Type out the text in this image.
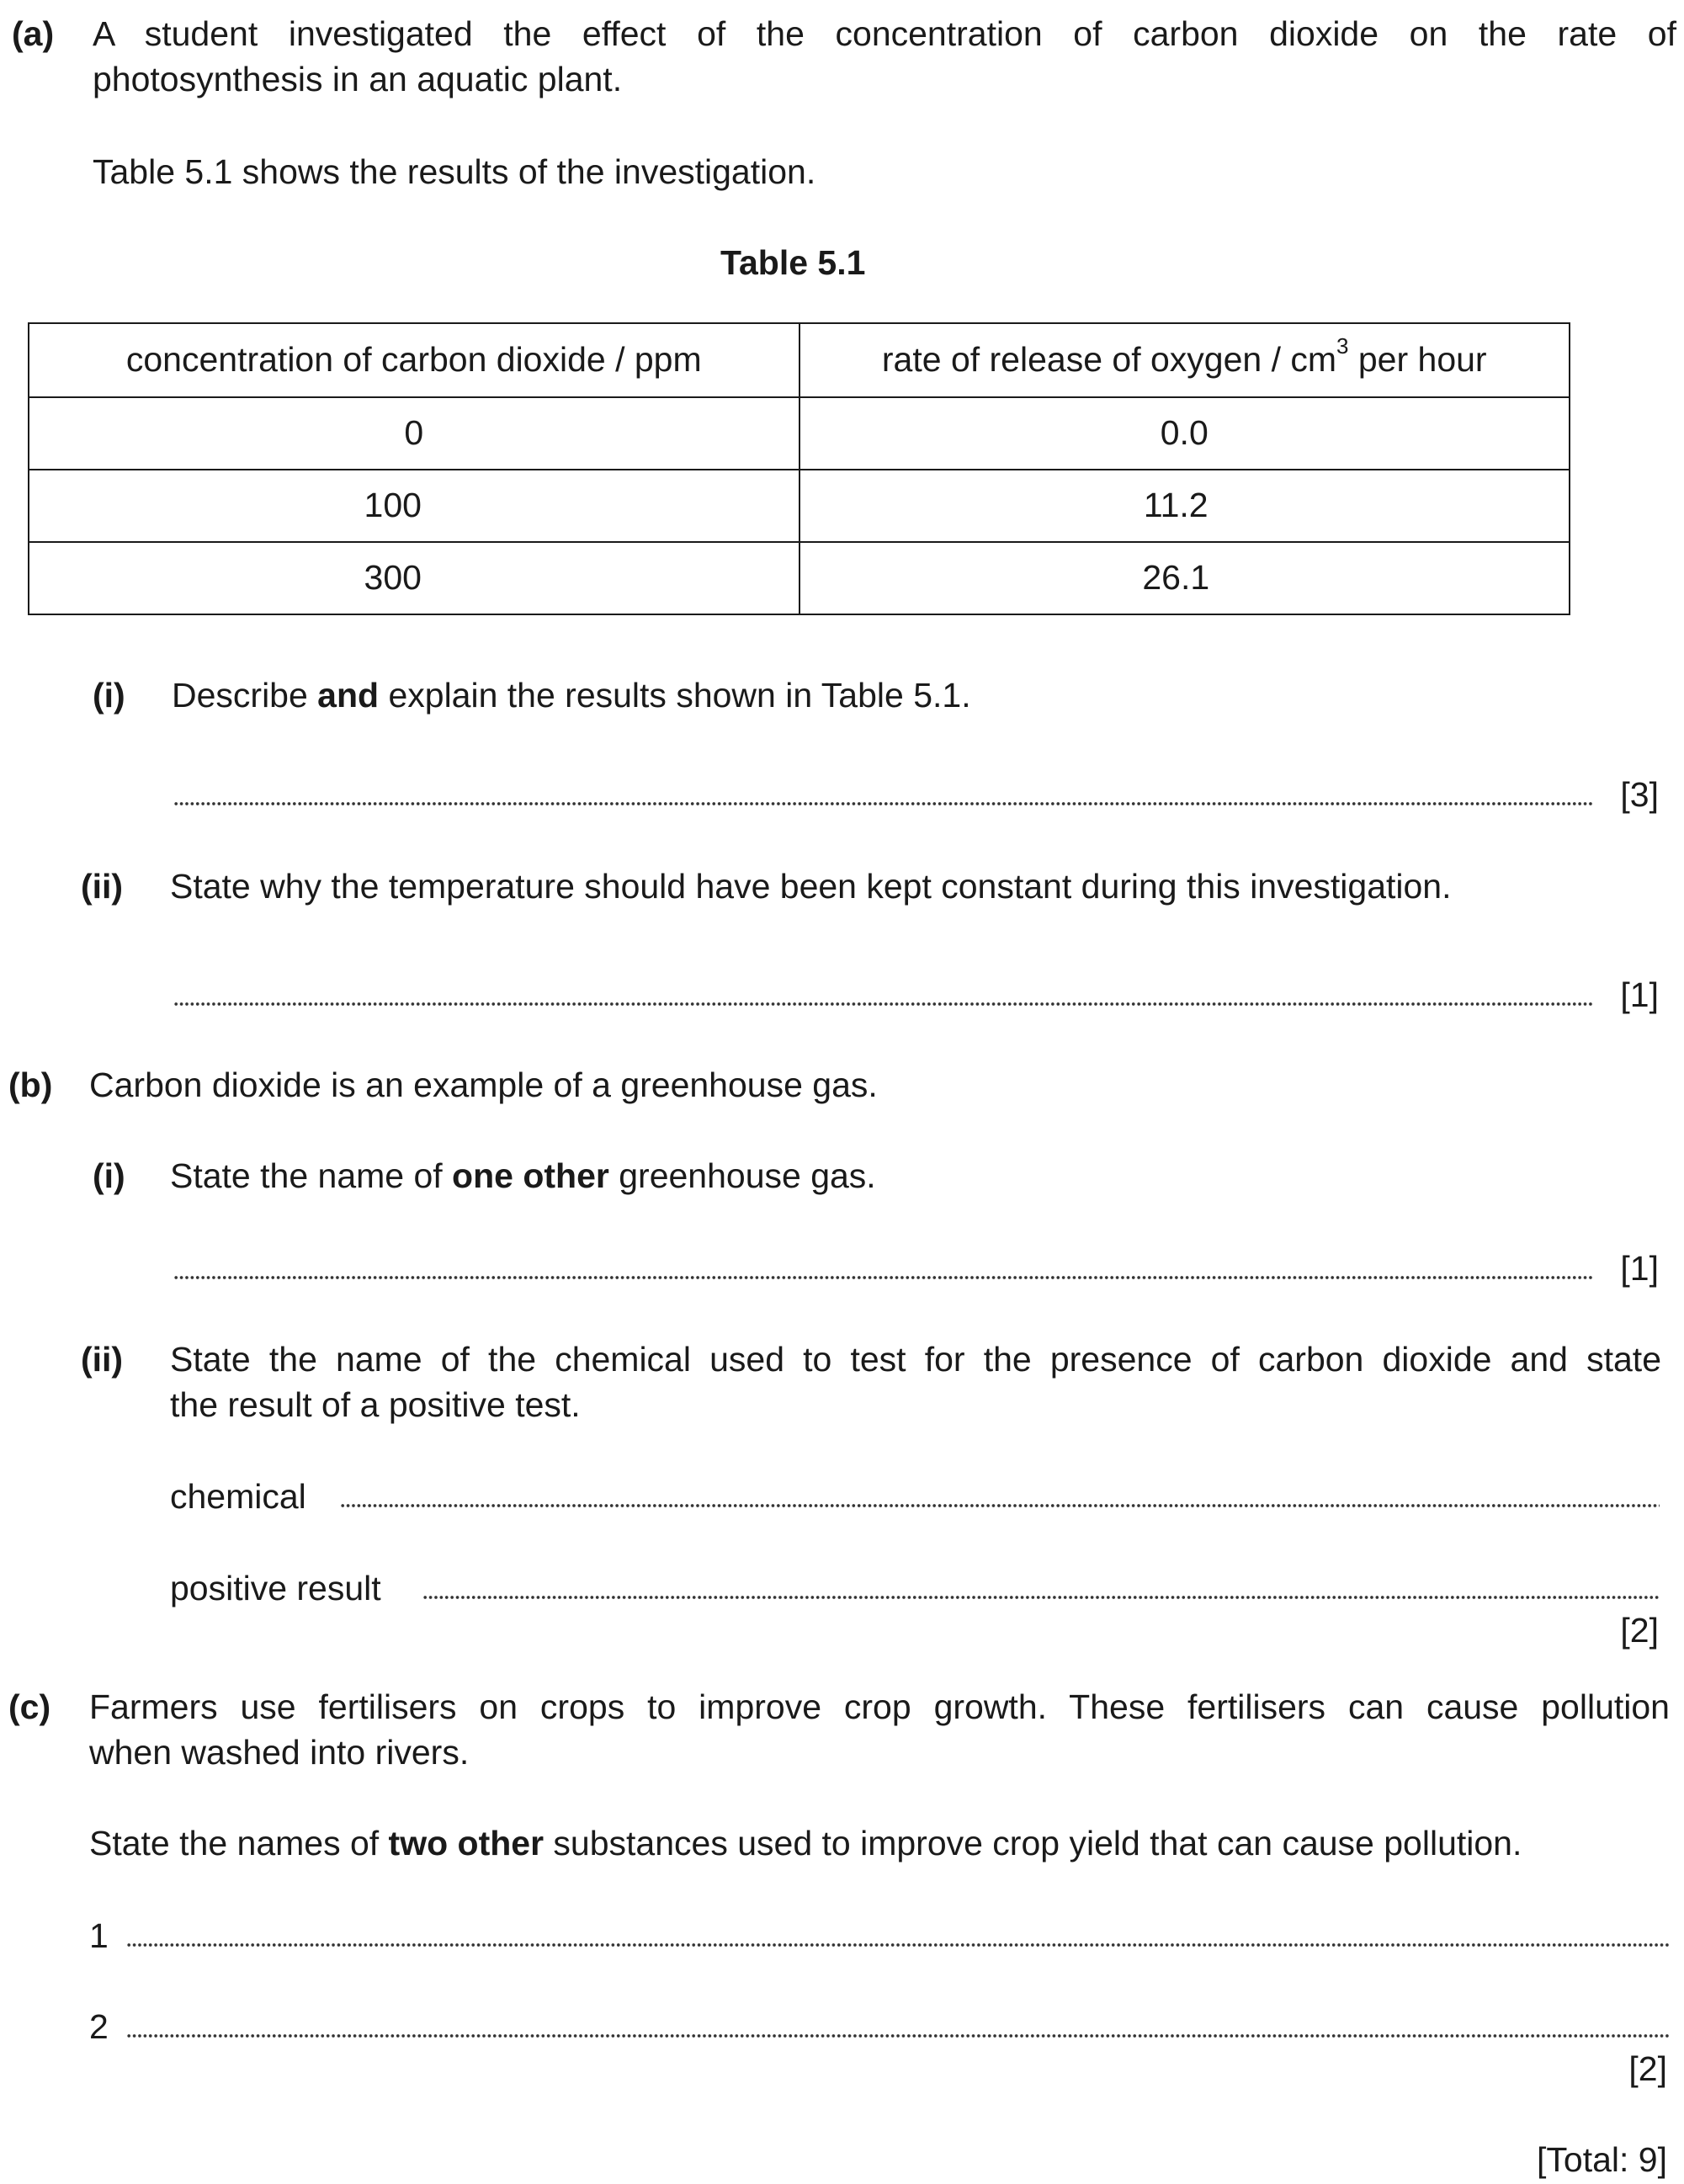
(a) A student investigated the effect of the concentration of carbon dioxide on the rate of
photosynthesis in an aquatic plant.
Table 5.1 shows the results of the investigation.
Table 5.1
concentration of carbon dioxide / ppm	rate of release of oxygen / $cm^3$ per hour
0	0.0
100	11.2
300	26.1
(i) Describe and explain the results shown in Table 5.1.
[3]
(ii) State why the temperature should have been kept constant during this investigation.
[1]
(b) Carbon dioxide is an example of a greenhouse gas.
(i) State the name of one other greenhouse gas.
[1]
(ii) State the name of the chemical used to test for the presence of carbon dioxide and state
the result of a positive test.
chemical
positive result
[2]
(c) Farmers use fertilisers on crops to improve crop growth. These fertilisers can cause pollution
when washed into rivers.
State the names of two other substances used to improve crop yield that can cause pollution.
1
2
[2]
[Total: 9]
